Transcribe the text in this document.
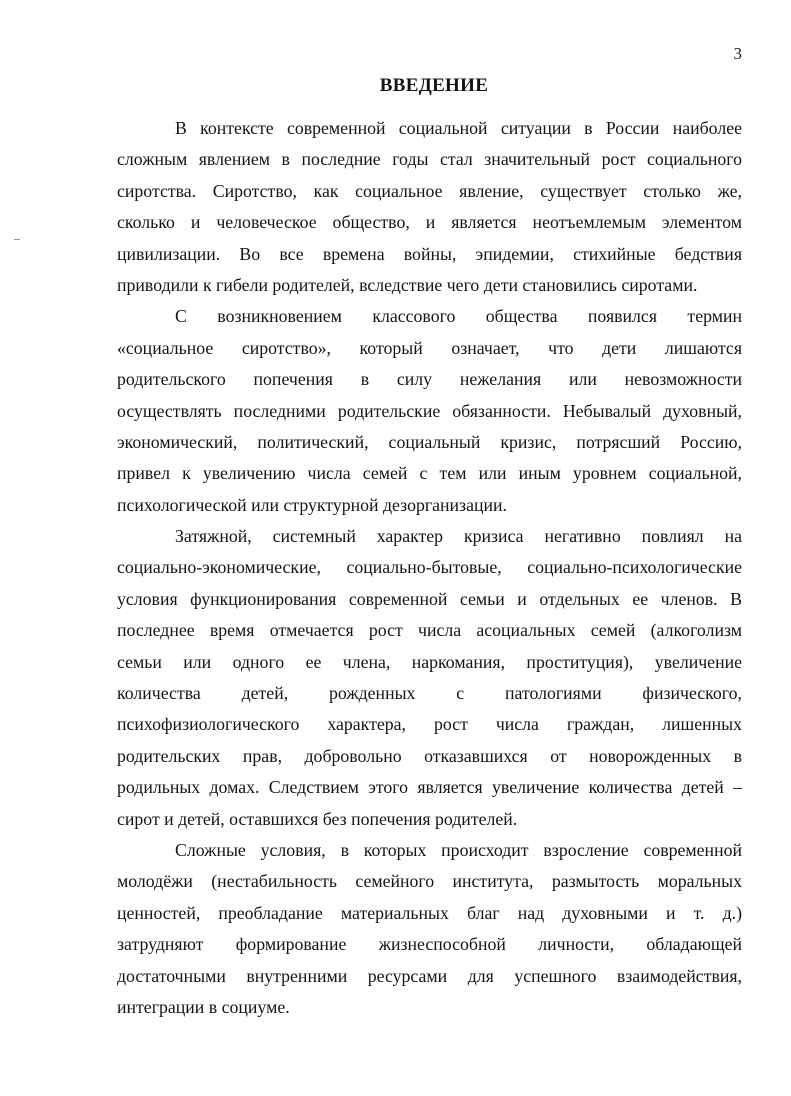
3
ВВЕДЕНИЕ
В контексте современной социальной ситуации в России наиболее
сложным явлением в последние годы стал значительный рост социального
сиротства. Сиротство, как социальное явление, существует столько же,
сколько и человеческое общество, и является неотъемлемым элементом
цивилизации. Во все времена войны, эпидемии, стихийные бедствия
приводили к гибели родителей, вследствие чего дети становились сиротами.
С возникновением классового общества появился термин
«социальное сиротство», который означает, что дети лишаются
родительского попечения в силу нежелания или невозможности
осуществлять последними родительские обязанности. Небывалый духовный,
экономический, политический, социальный кризис, потрясший Россию,
привел к увеличению числа семей с тем или иным уровнем социальной,
психологической или структурной дезорганизации.
Затяжной, системный характер кризиса негативно повлиял на
социально-экономические, социально-бытовые, социально-психологические
условия функционирования современной семьи и отдельных ее членов. В
последнее время отмечается рост числа асоциальных семей (алкоголизм
семьи или одного ее члена, наркомания, проституция), увеличение
количества детей, рожденных с патологиями физического,
психофизиологического характера, рост числа граждан, лишенных
родительских прав, добровольно отказавшихся от новорожденных в
родильных домах. Следствием этого является увеличение количества детей –
сирот и детей, оставшихся без попечения родителей.
Сложные условия, в которых происходит взросление современной
молодёжи (нестабильность семейного института, размытость моральных
ценностей, преобладание материальных благ над духовными и т. д.)
затрудняют формирование жизнеспособной личности, обладающей
достаточными внутренними ресурсами для успешного взаимодействия,
интеграции в социуме.
